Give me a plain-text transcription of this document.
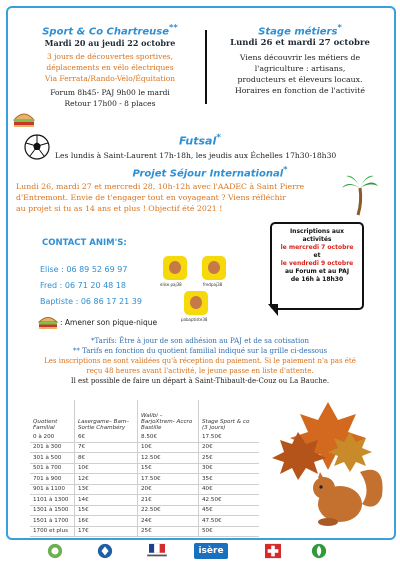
Sport & Co Chartreuse**
Mardi 20 au jeudi 22 octobre
3 jours de découvertes sportives,
déplacements en vélo électriques
Via Ferrata/Rando-Vélo/Équitation
Forum 8h45- PAJ 9h00 le mardi
Retour 17h00 - 8 places
Stage métiers*
Lundi 26 et mardi 27 octobre
Viens découvrir les métiers de
l'agriculture : artisans,
producteurs et éleveurs locaux.
Horaires en fonction de l'activité
Futsal*
Les lundis à Saint-Laurent 17h-18h, les jeudis aux Échelles 17h30-18h30
Projet Séjour International*
Lundi 26, mardi 27 et mercredi 28, 10h-12h avec l'AADEC à Saint Pierre
d'Entremont. Envie de t'engager tout en voyageant ? Viens réfléchir
au projet si tu as 14 ans et plus ! Objectif été 2021 !
CONTACT ANIM'S:
Elise : 06 89 52 69 97
Fred : 06 71 20 48 18
Baptiste : 06 86 17 21 39
elise.paj38	fredpaj38
pabaptiste38
: Amener son pique-nique
Inscriptions aux
activités
le mercredi 7 octobre
et
le vendredi 9 octobre
au Forum et au PAJ
de 16h à 18h30
*Tarifs: Être à jour de son adhésion au PAJ et de sa cotisation
** Tarifs en fonction du quotient familial indiqué sur la grille ci-dessous
Les inscriptions ne sont validées qu'à réception du paiement. Si le paiement n'a pas été
reçu 48 heures avant l'activité, le jeune passe en liste d'attente.
Il est possible de faire un départ à Saint-Thibault-de-Couz ou La Bauche.
Quotient Familial	Lasergame– Bam–Sortie Chambéry	Walibi – BarjoXtrem- Accro Bastille	Stage Sport & co (3 jours)
0 à 200	6€	8.50€	17.50€
201 à 300	7€	10€	20€
301 à 500	8€	12.50€	25€
501 à 700	10€	15€	30€
701 à 900	12€	17.50€	35€
901 à 1100	13€	20€	40€
1101 à 1300	14€	21€	42.50€
1301 à 1500	15€	22.50€	45€
1501 à 1700	16€	24€	47.50€
1700 et plus	17€	25€	50€
isère
